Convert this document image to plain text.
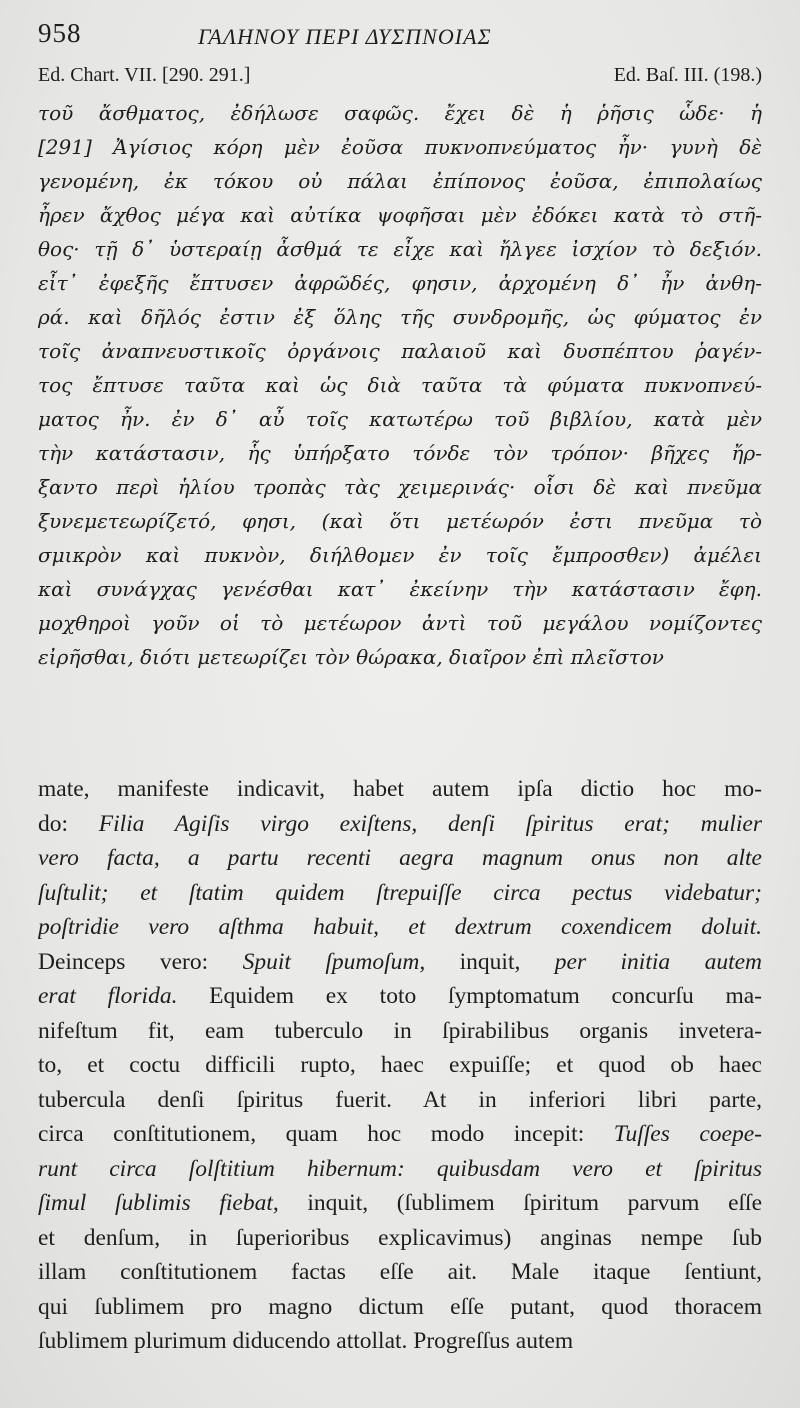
958	ΓΑΛΗΝΟΥ ΠΕΡΙ ΔΥΣΠΝΟΙΑΣ
Ed. Chart. VII. [290. 291.]	Ed. Baſ. III. (198.)
τοῦ ἄσθματος, ἐδήλωσε σαφῶς. ἔχει δὲ ἡ ῥῆσις ὧδε· ἡ
[291] Ἀγίσιος κόρη μὲν ἐοῦσα πυκνοπνεύματος ἦν· γυνὴ δὲ
γενομένη, ἐκ τόκου οὐ πάλαι ἐπίπονος ἐοῦσα, ἐπιπολαίως
ἦρεν ἄχθος μέγα καὶ αὐτίκα ψοφῆσαι μὲν ἐδόκει κατὰ τὸ στῆ-
θος· τῇ δ᾽ ὑστεραίῃ ἆσθμά τε εἶχε καὶ ἤλγεε ἰσχίον τὸ δεξιόν.
εἶτ᾽ ἐφεξῆς ἔπτυσεν ἀφρῶδές, φησιν, ἀρχομένη δ᾽ ἦν ἀνθη-
ρά. καὶ δῆλός ἐστιν ἐξ ὅλης τῆς συνδρομῆς, ὡς φύματος ἐν
τοῖς ἀναπνευστικοῖς ὀργάνοις παλαιοῦ καὶ δυσπέπτου ῥαγέν-
τος ἔπτυσε ταῦτα καὶ ὡς διὰ ταῦτα τὰ φύματα πυκνοπνεύ-
ματος ἦν. ἐν δ᾽ αὖ τοῖς κατωτέρω τοῦ βιβλίου, κατὰ μὲν
τὴν κατάστασιν, ἧς ὑπήρξατο τόνδε τὸν τρόπον· βῆχες ἤρ-
ξαντο περὶ ἡλίου τροπὰς τὰς χειμερινάς· οἷσι δὲ καὶ πνεῦμα
ξυνεμετεωρίζετό, φησι, (καὶ ὅτι μετέωρόν ἐστι πνεῦμα τὸ
σμικρὸν καὶ πυκνὸν, διήλθομεν ἐν τοῖς ἔμπροσθεν) ἀμέλει
καὶ συνάγχας γενέσθαι κατ᾽ ἐκείνην τὴν κατάστασιν ἔφη.
μοχθηροὶ γοῦν οἱ τὸ μετέωρον ἀντὶ τοῦ μεγάλου νομίζοντες
εἰρῆσθαι, διότι μετεωρίζει τὸν θώρακα, διαῖρον ἐπὶ πλεῖστον
mate, manifeste indicavit, habet autem ipſa dictio hoc mo-
do: Filia Agiſis virgo exiſtens, denſi ſpiritus erat; mulier
vero facta, a partu recenti aegra magnum onus non alte
ſuſtulit; et ſtatim quidem ſtrepuiſſe circa pectus videbatur;
poſtridie vero aſthma habuit, et dextrum coxendicem doluit.
Deinceps vero: Spuit ſpumoſum, inquit, per initia autem
erat florida. Equidem ex toto ſymptomatum concurſu ma-
nifeſtum fit, eam tuberculo in ſpirabilibus organis invetera-
to, et coctu difficili rupto, haec expuiſſe; et quod ob haec
tubercula denſi ſpiritus fuerit. At in inferiori libri parte,
circa conſtitutionem, quam hoc modo incepit: Tuſſes coepe-
runt circa ſolſtitium hibernum: quibusdam vero et ſpiritus
ſimul ſublimis fiebat, inquit, (ſublimem ſpiritum parvum eſſe
et denſum, in ſuperioribus explicavimus) anginas nempe ſub
illam conſtitutionem factas eſſe ait. Male itaque ſentiunt,
qui ſublimem pro magno dictum eſſe putant, quod thoracem
ſublimem plurimum diducendo attollat. Progreſſus autem
